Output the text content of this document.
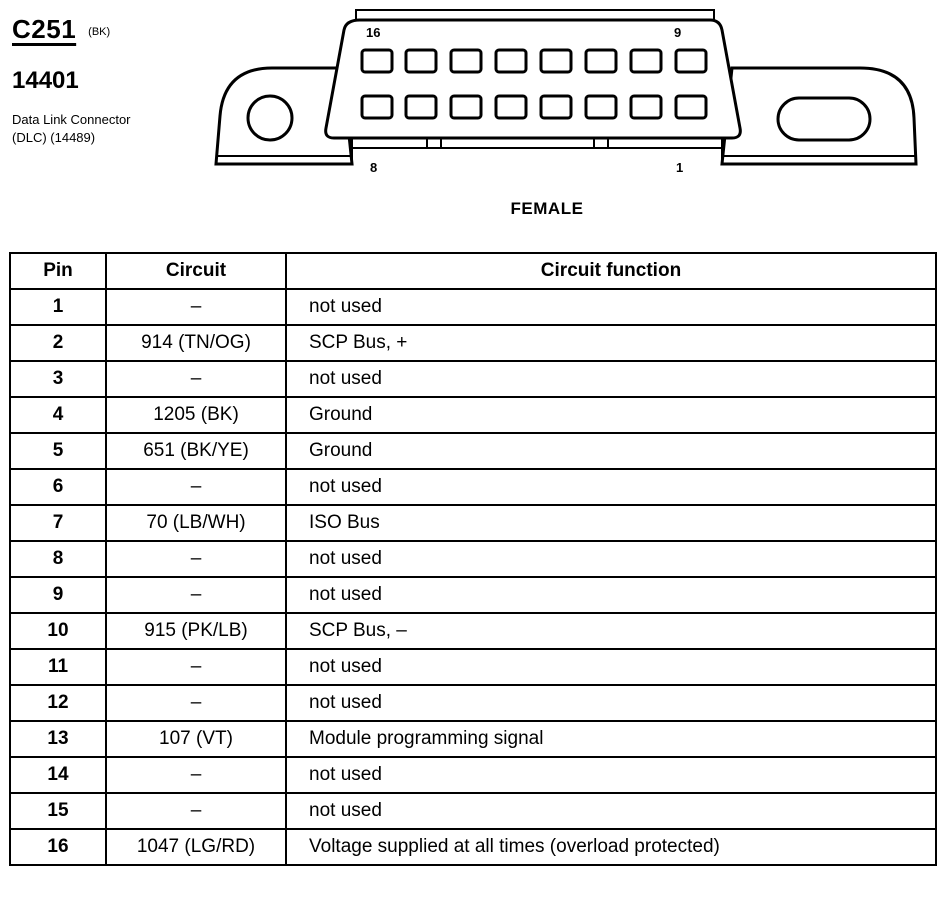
C251 (BK)
14401
Data Link Connector
(DLC) (14489)
16	9
8	1
FEMALE
Pin	Circuit	Circuit function
1	–	not used
2	914 (TN/OG)	SCP Bus, +
3	–	not used
4	1205 (BK)	Ground
5	651 (BK/YE)	Ground
6	–	not used
7	70 (LB/WH)	ISO Bus
8	–	not used
9	–	not used
10	915 (PK/LB)	SCP Bus, –
11	–	not used
12	–	not used
13	107 (VT)	Module programming signal
14	–	not used
15	–	not used
16	1047 (LG/RD)	Voltage supplied at all times (overload protected)
